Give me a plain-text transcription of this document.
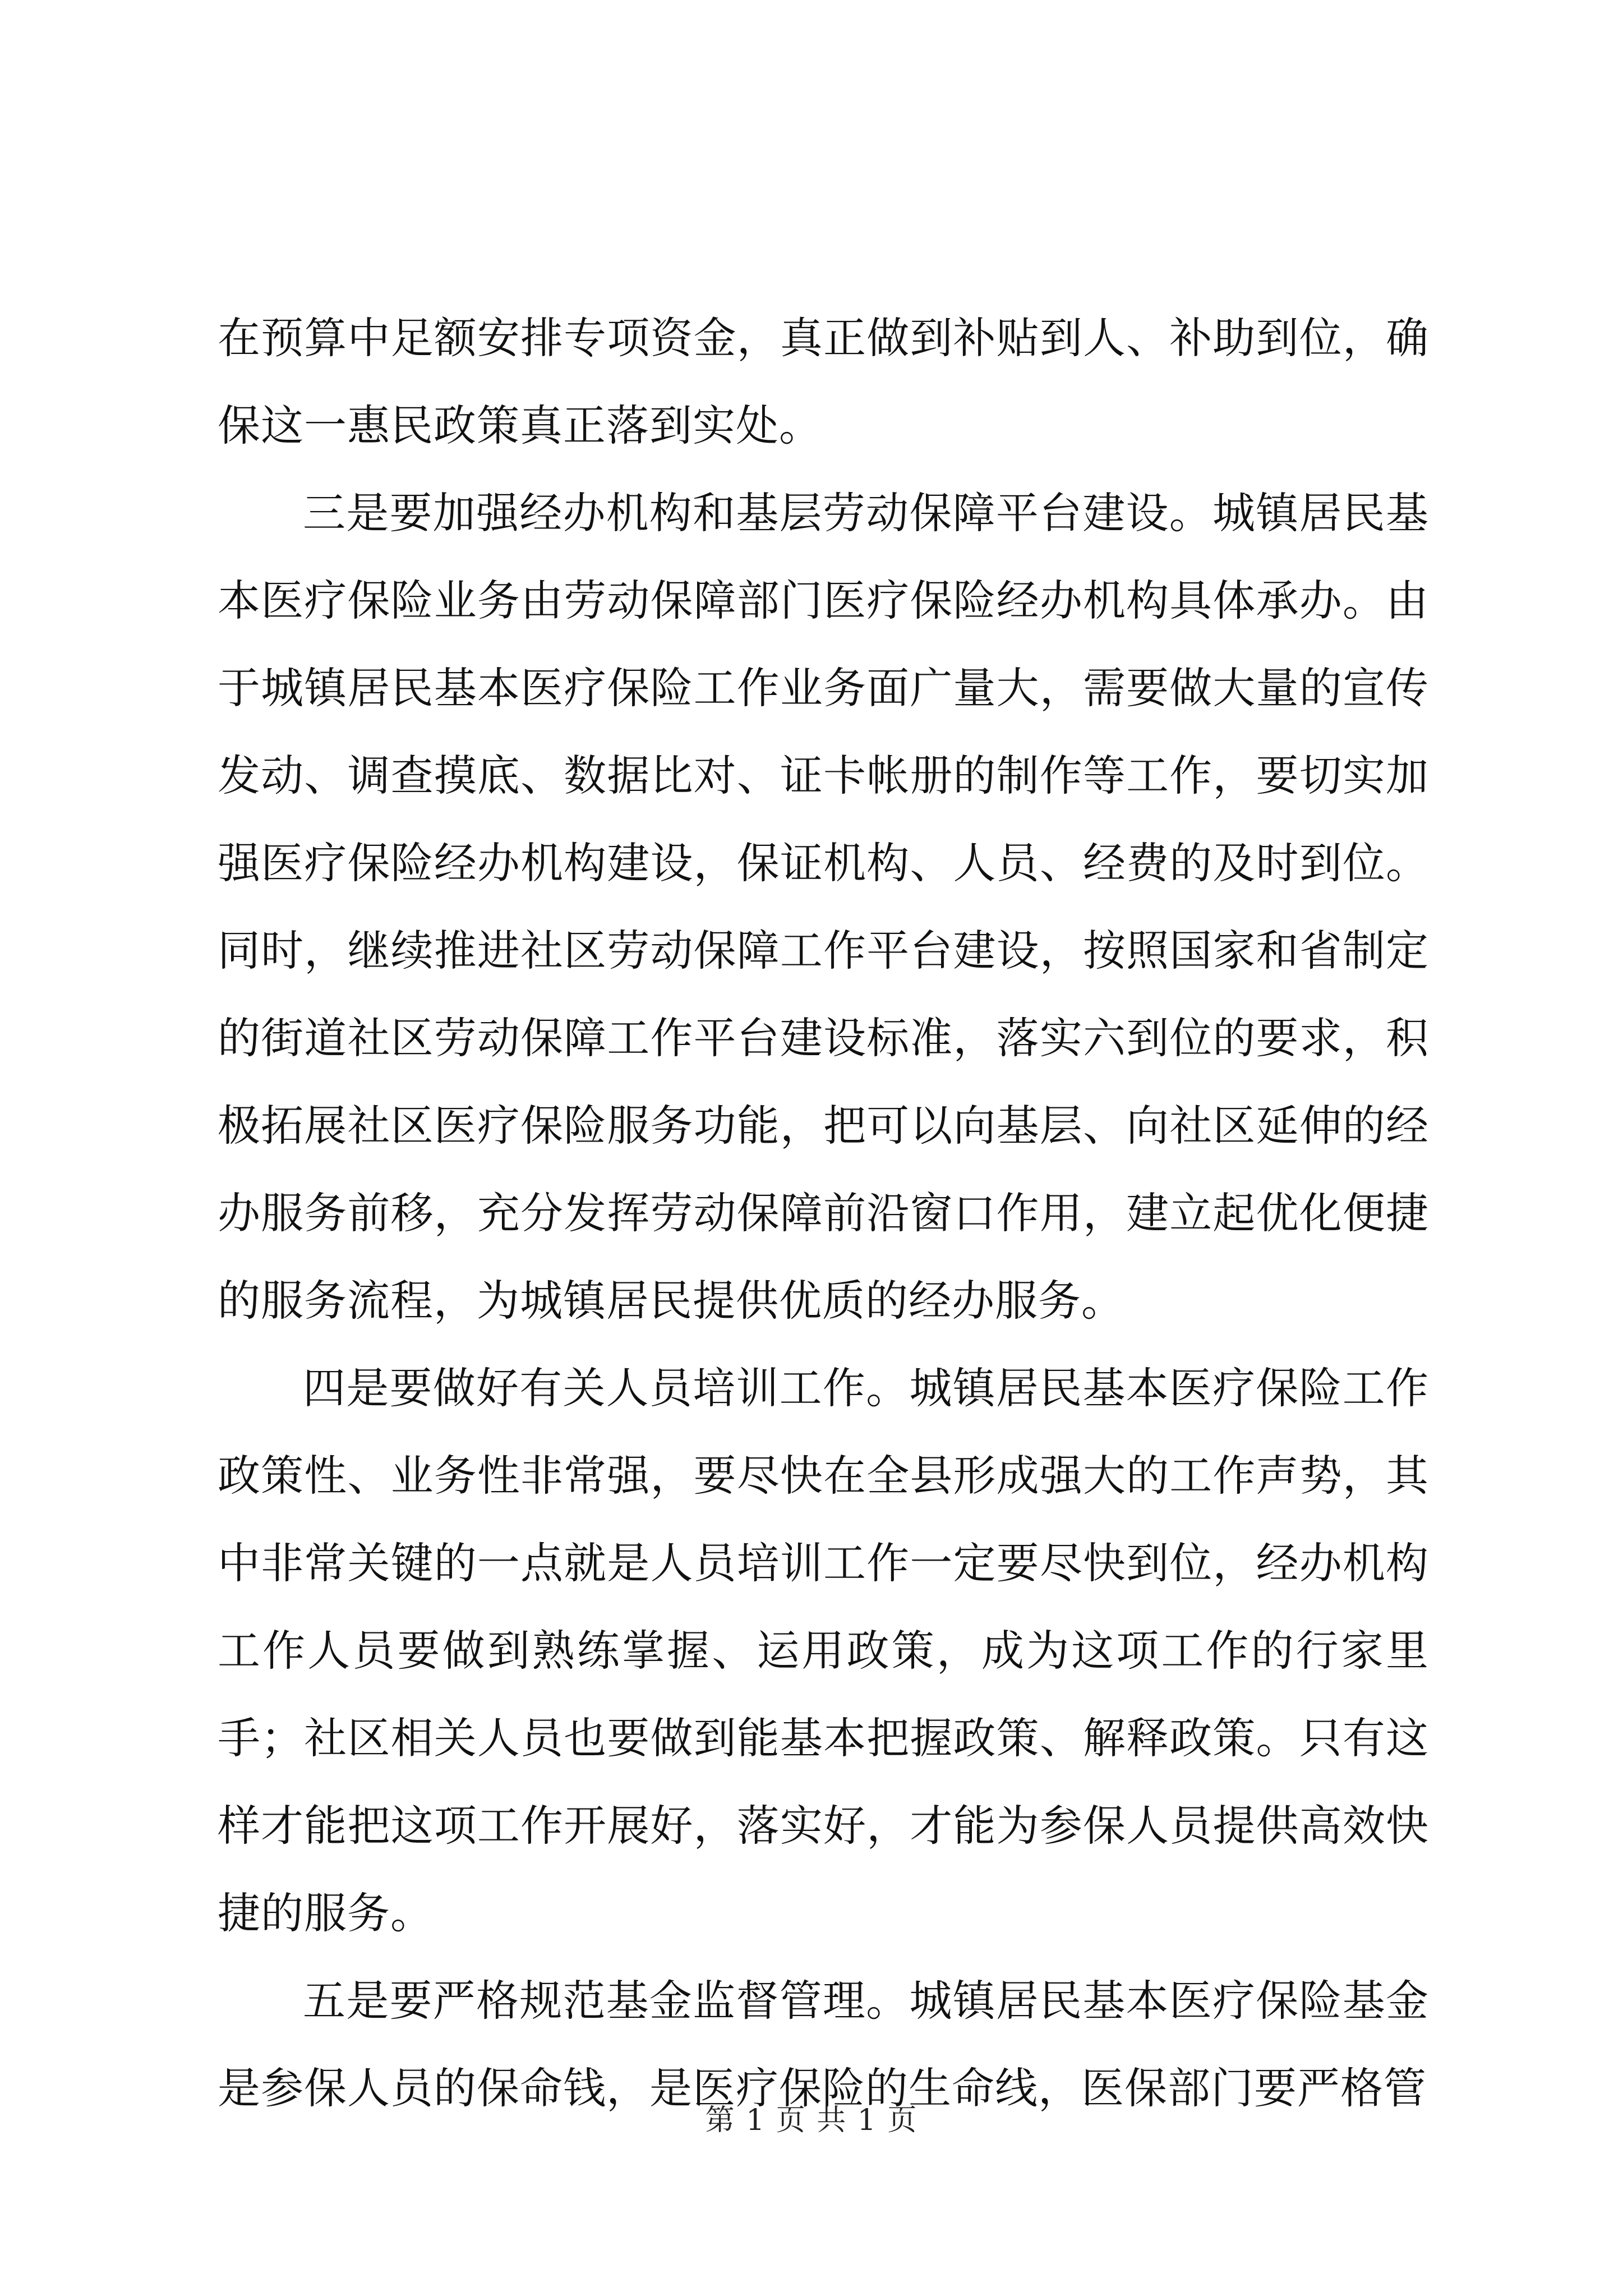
在预算中足额安排专项资金，真正做到补贴到人、补助到位，确保这一惠民政策真正落到实处。

三是要加强经办机构和基层劳动保障平台建设。城镇居民基本医疗保险业务由劳动保障部门医疗保险经办机构具体承办。由于城镇居民基本医疗保险工作业务面广量大，需要做大量的宣传发动、调查摸底、数据比对、证卡帐册的制作等工作，要切实加强医疗保险经办机构建设，保证机构、人员、经费的及时到位。同时，继续推进社区劳动保障工作平台建设，按照国家和省制定的街道社区劳动保障工作平台建设标准，落实六到位的要求，积极拓展社区医疗保险服务功能，把可以向基层、向社区延伸的经办服务前移，充分发挥劳动保障前沿窗口作用，建立起优化便捷的服务流程，为城镇居民提供优质的经办服务。

四是要做好有关人员培训工作。城镇居民基本医疗保险工作政策性、业务性非常强，要尽快在全县形成强大的工作声势，其中非常关键的一点就是人员培训工作一定要尽快到位，经办机构工作人员要做到熟练掌握、运用政策，成为这项工作的行家里手；社区相关人员也要做到能基本把握政策、解释政策。只有这样才能把这项工作开展好，落实好，才能为参保人员提供高效快捷的服务。

五是要严格规范基金监督管理。城镇居民基本医疗保险基金是参保人员的保命钱，是医疗保险的生命线，医保部门要严格管

第 1 页 共 1 页
